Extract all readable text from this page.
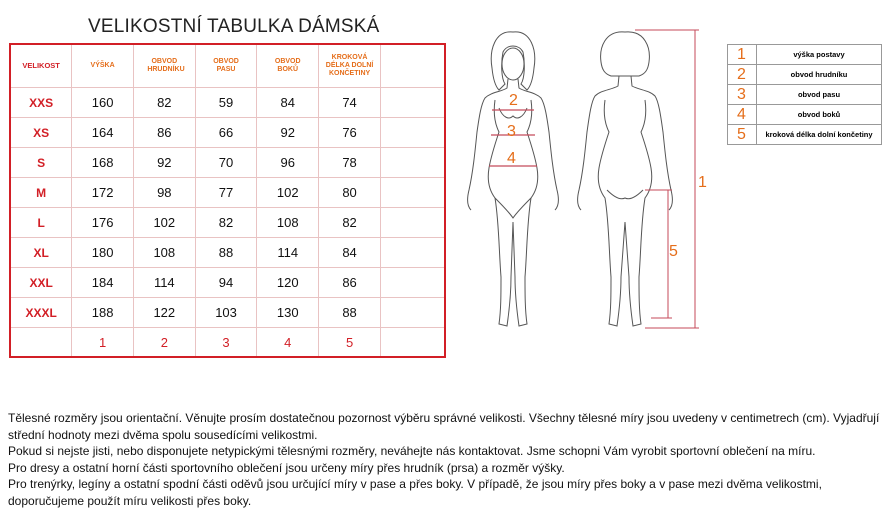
VELIKOSTNÍ TABULKA DÁMSKÁ
VELIKOST	VÝŠKA	OBVOD HRUDNÍKU	OBVOD PASU	OBVOD BOKŮ	KROKOVÁ DÉLKA DOLNÍ KONČETINY	
XXS	160	82	59	84	74	
XS	164	86	66	92	76	
S	168	92	70	96	78	
M	172	98	77	102	80	
L	176	102	82	108	82	
XL	180	108	88	114	84	
XXL	184	114	94	120	86	
XXXL	188	122	103	130	88	
	1	2	3	4	5	
2
3
4
1
5
1	výška postavy
2	obvod hrudníku
3	obvod pasu
4	obvod boků
5	kroková délka dolní končetiny

Tělesné rozměry jsou orientační. Věnujte prosím dostatečnou pozornost výběru správné velikosti. Všechny tělesné míry jsou uvedeny v centimetrech (cm). Vyjadřují střední hodnoty mezi dvěma spolu sousedícími velikostmi.

Pokud si nejste jisti, nebo disponujete netypickými tělesnými rozměry, neváhejte nás kontaktovat. Jsme schopni Vám vyrobit sportovní oblečení na míru.

Pro dresy a ostatní horní části sportovního oblečení jsou určeny míry přes hrudník (prsa) a rozměr výšky.

Pro trenýrky, legíny a ostatní spodní části oděvů jsou určující míry v pase a přes boky. V případě, že jsou míry přes boky a v pase mezi dvěma velikostmi, doporučujeme použít míru velikosti přes boky.
